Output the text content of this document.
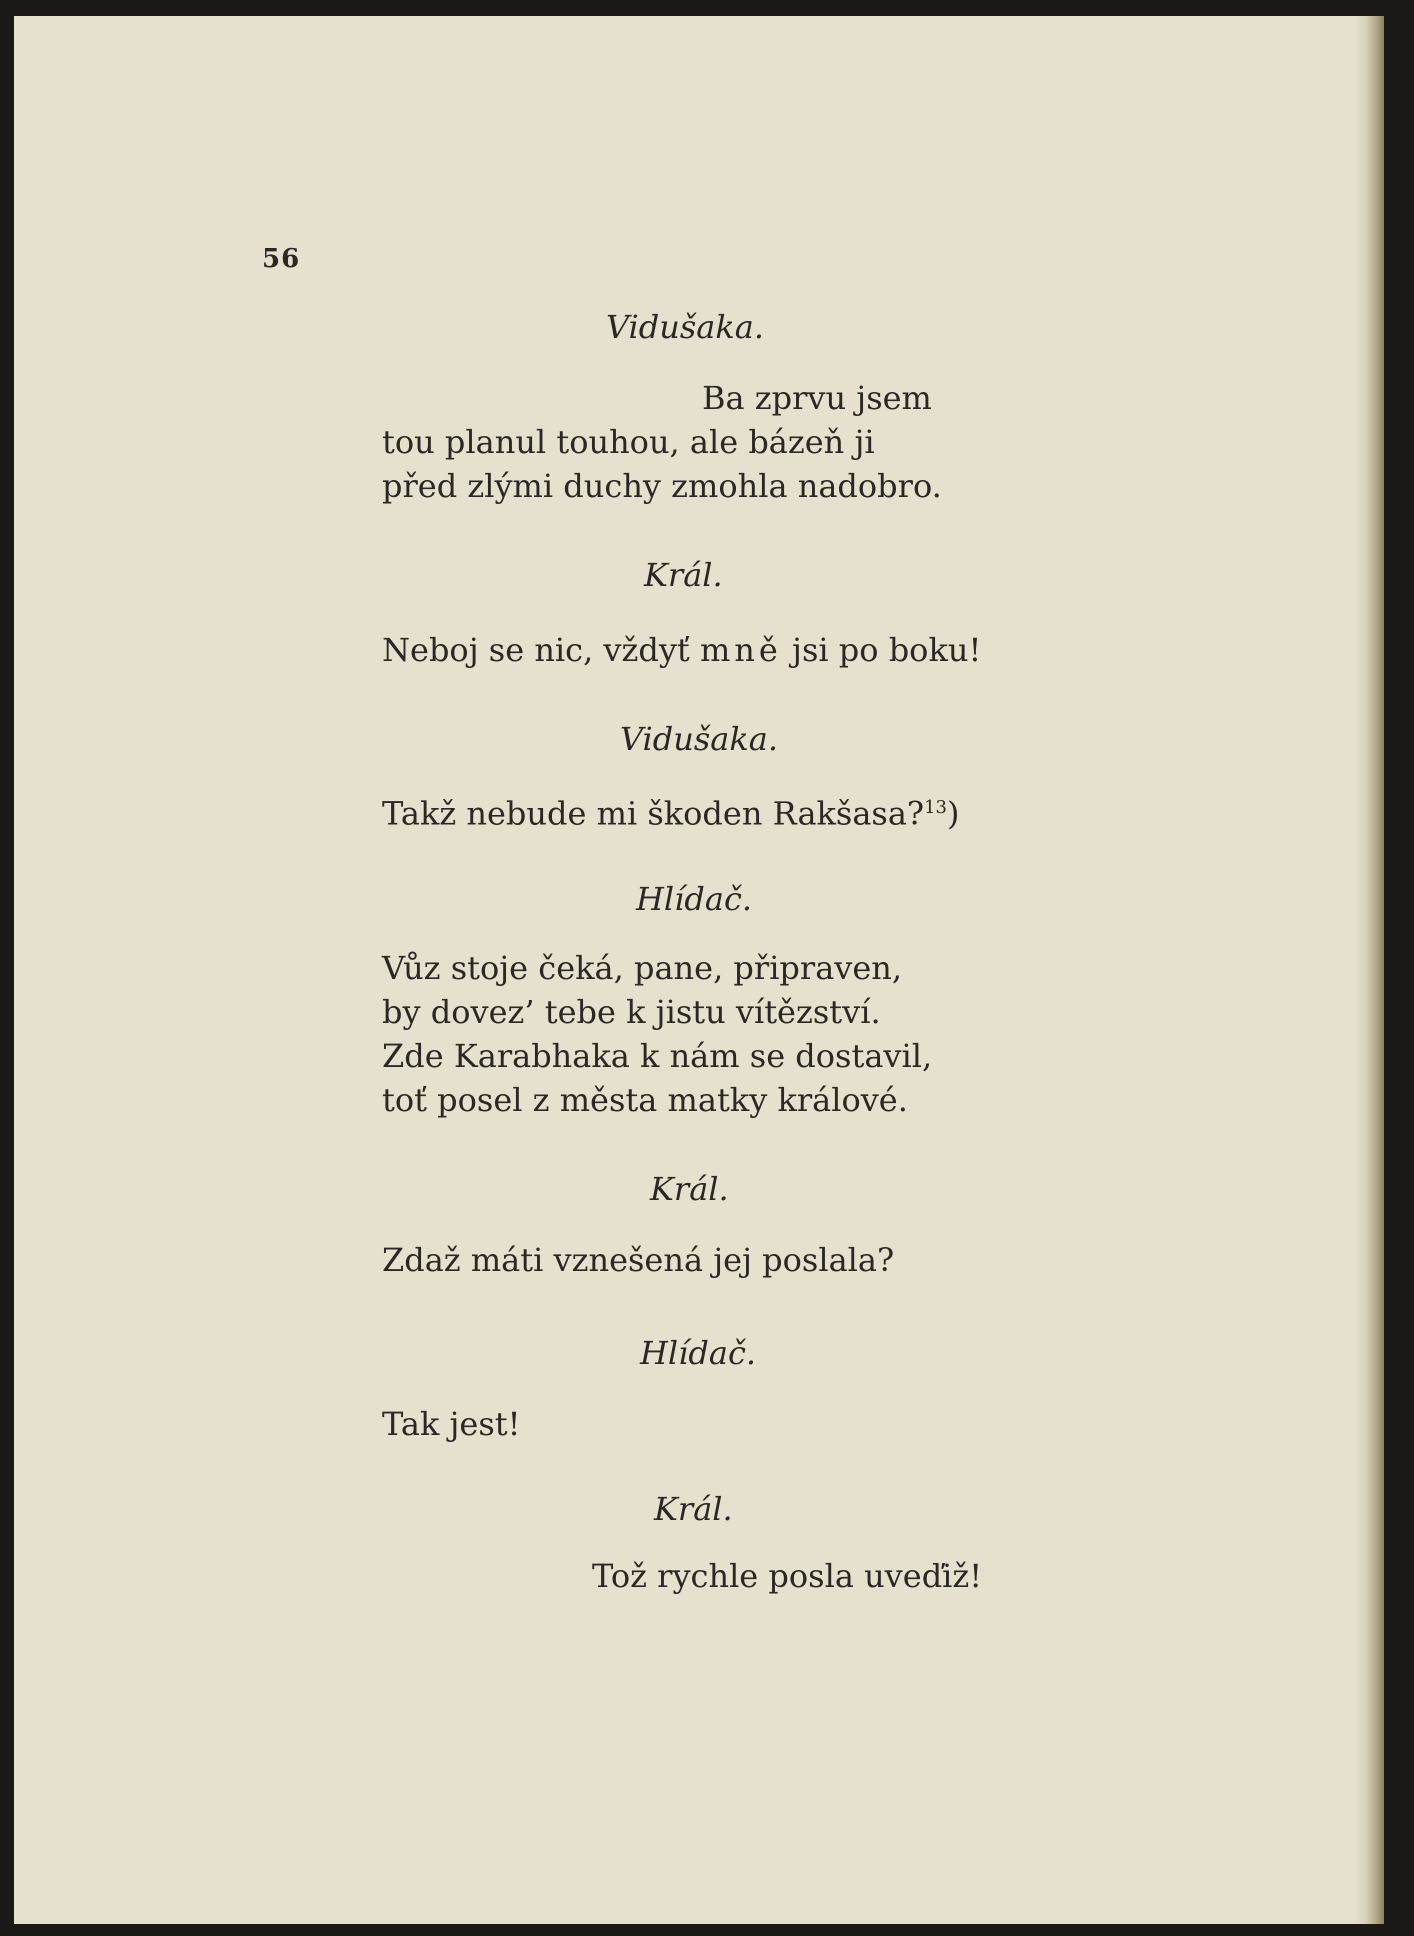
56
Vidušaka.
Ba zprvu jsem
tou planul touhou, ale bázeň ji
před zlými duchy zmohla nadobro.
Král.
Neboj se nic, vždyť mně jsi po boku!
Vidušaka.
Takž nebude mi škoden Rakšasa?$^{13}$)
Hlídač.
Vůz stoje čeká, pane, připraven,
by dovez’ tebe k jistu vítězství.
Zde Karabhaka k nám se dostavil,
toť posel z města matky králové.
Král.
Zdaž máti vznešená jej poslala?
Hlídač.
Tak jest!
Král.
Tož rychle posla uveďiž!
